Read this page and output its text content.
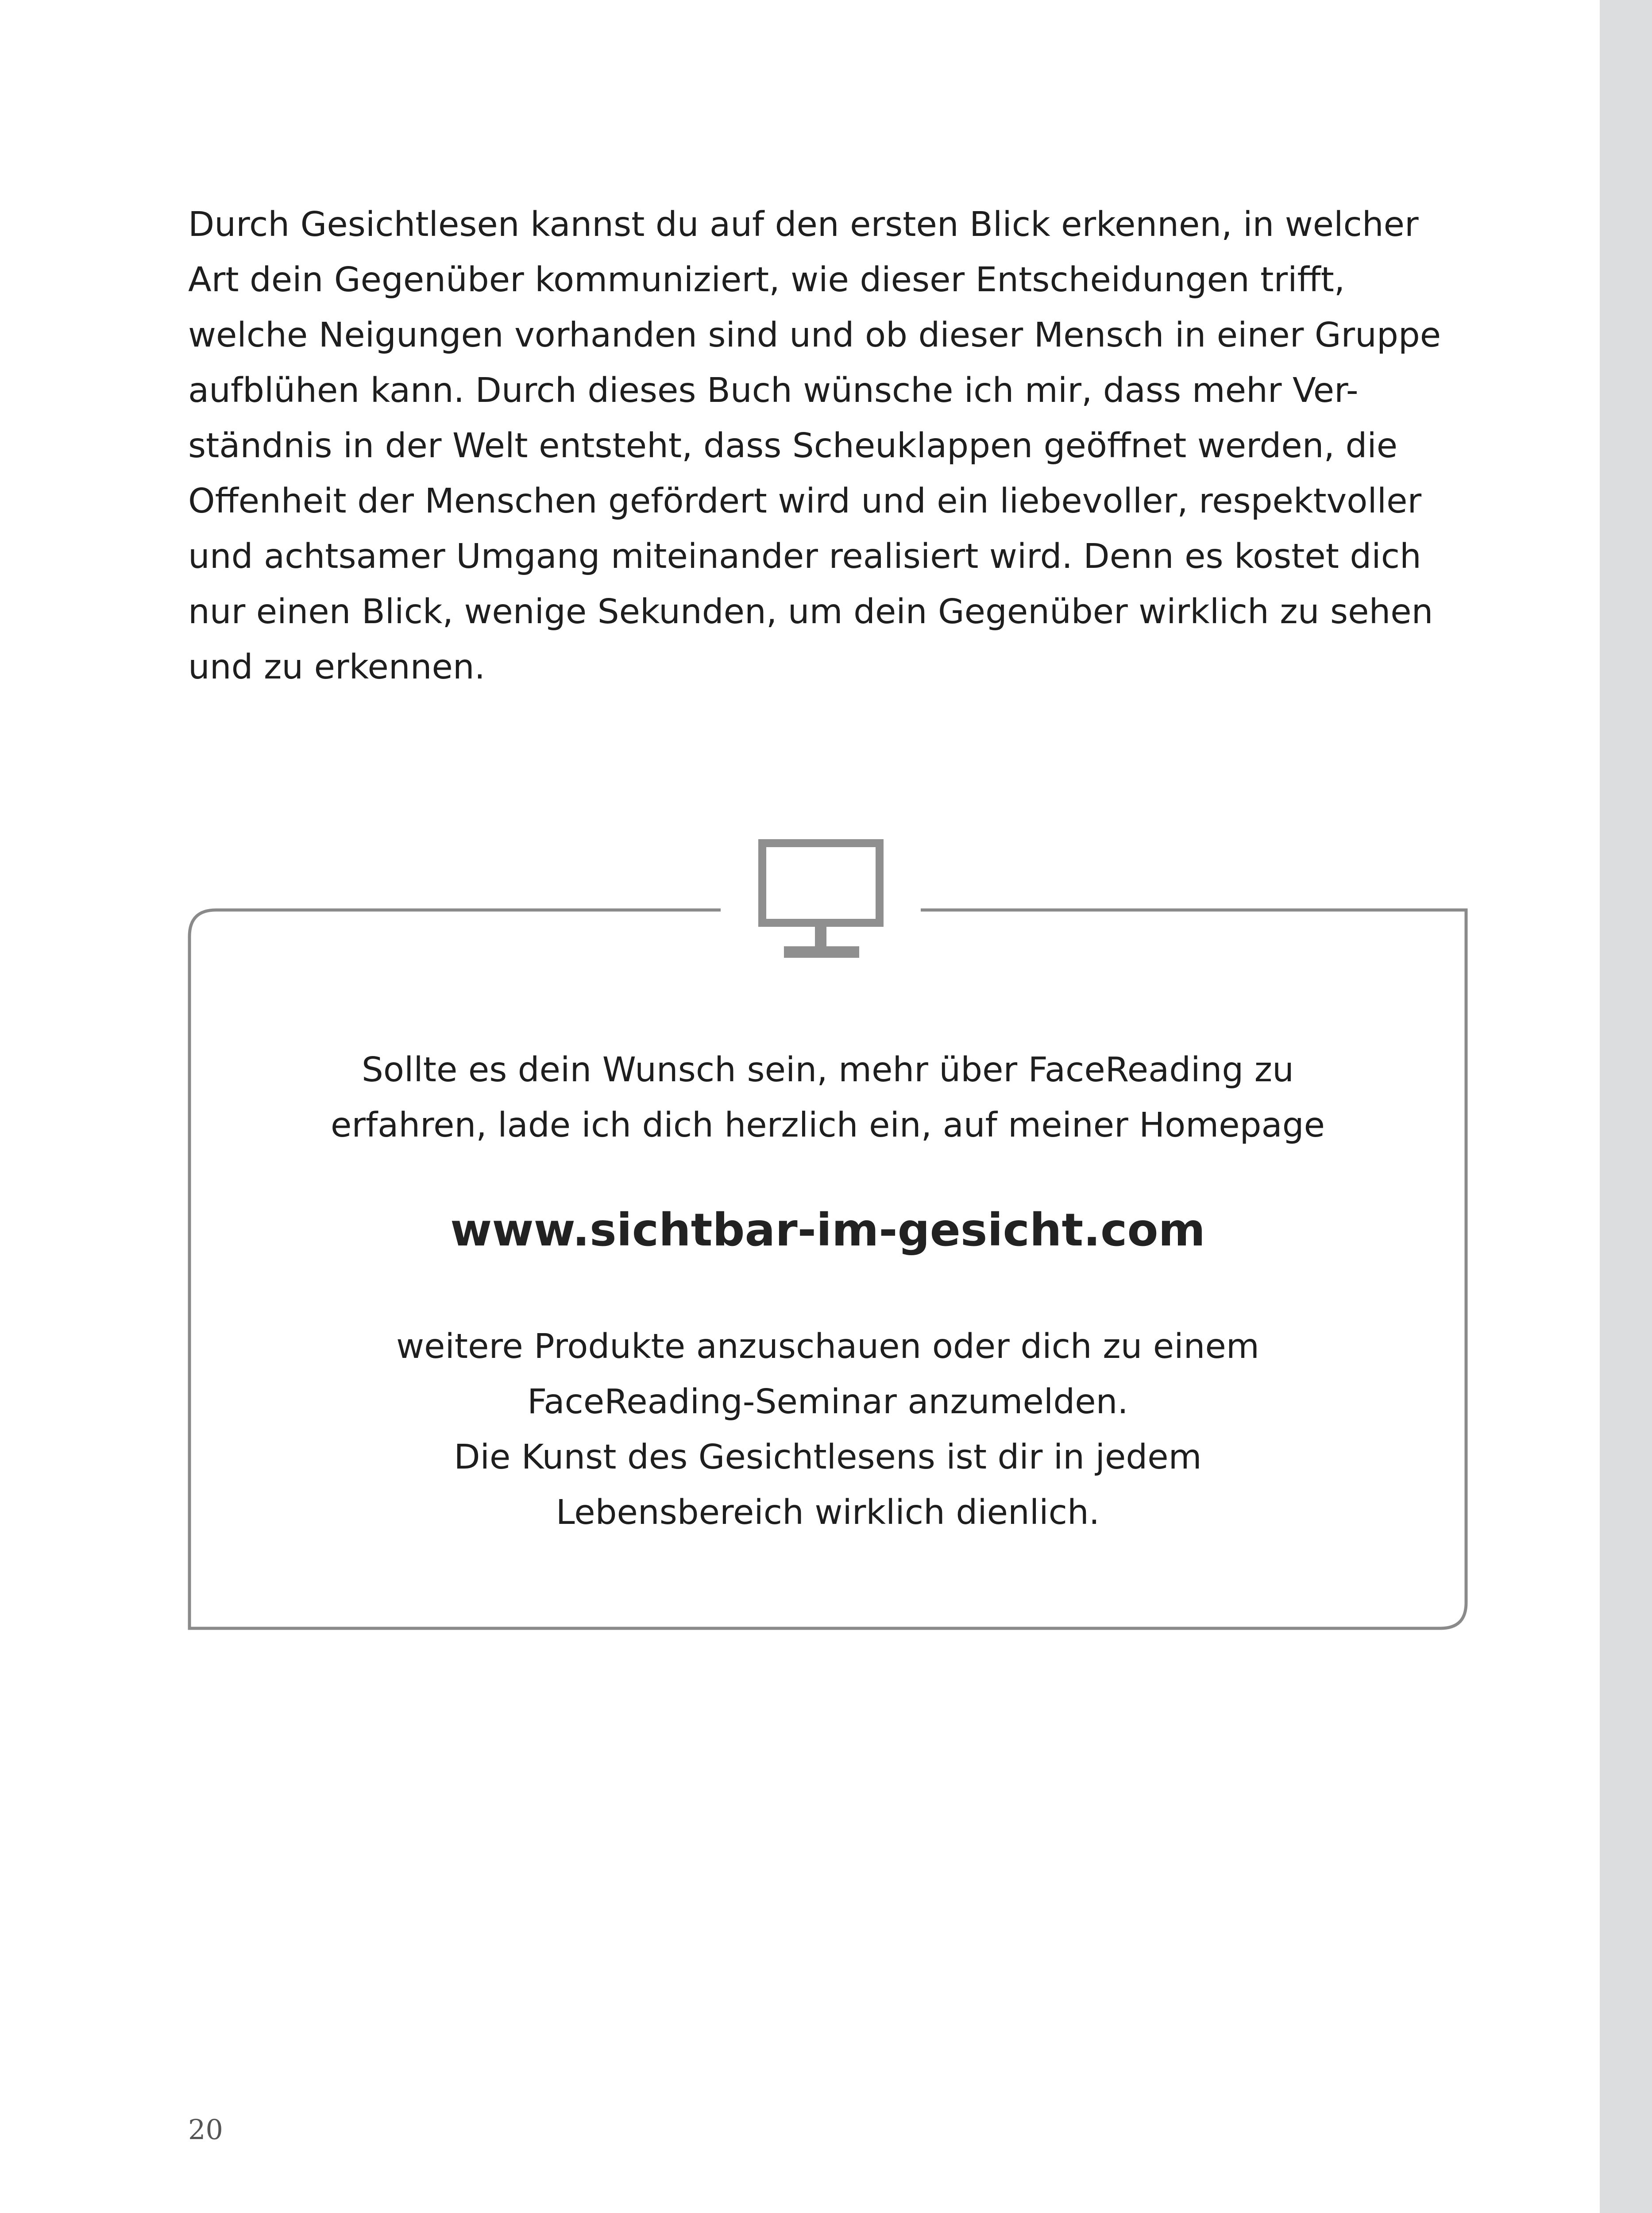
Durch Gesichtlesen kannst du auf den ersten Blick erkennen, in welcher
Art dein Gegenüber kommuniziert, wie dieser Entscheidungen trifft,
welche Neigungen vorhanden sind und ob dieser Mensch in einer Gruppe
aufblühen kann. Durch dieses Buch wünsche ich mir, dass mehr Ver-
ständnis in der Welt entsteht, dass Scheuklappen geöffnet werden, die
Offenheit der Menschen gefördert wird und ein liebevoller, respektvoller
und achtsamer Umgang miteinander realisiert wird. Denn es kostet dich
nur einen Blick, wenige Sekunden, um dein Gegenüber wirklich zu sehen
und zu erkennen.
Sollte es dein Wunsch sein, mehr über FaceReading zu
erfahren, lade ich dich herzlich ein, auf meiner Homepage
www.sichtbar-im-gesicht.com
weitere Produkte anzuschauen oder dich zu einem
FaceReading-Seminar anzumelden.
Die Kunst des Gesichtlesens ist dir in jedem
Lebensbereich wirklich dienlich.
20
